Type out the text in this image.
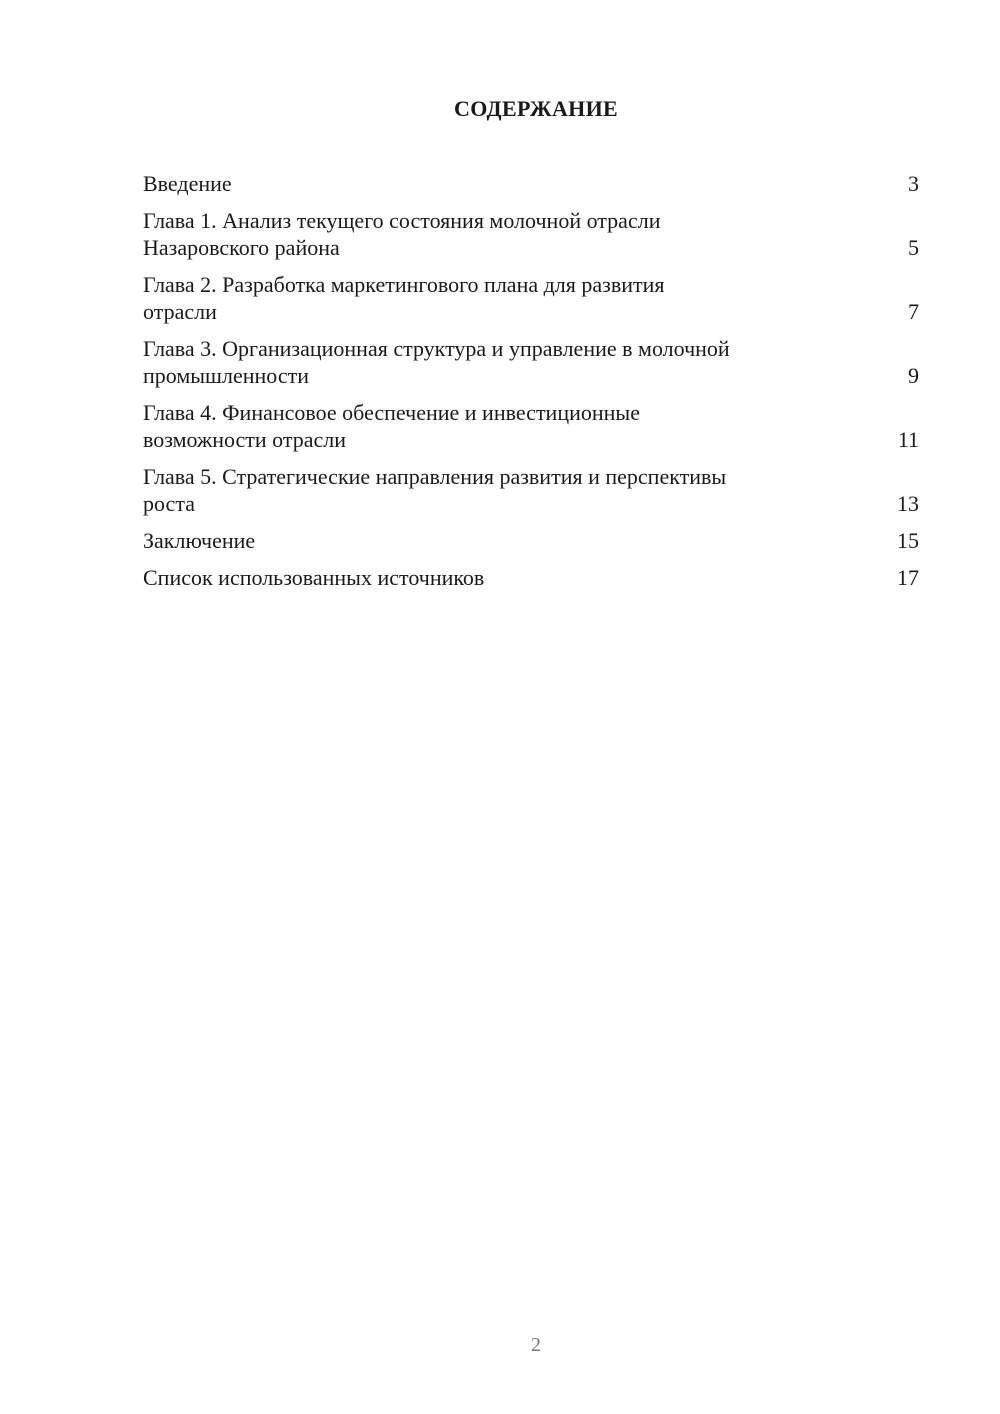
СОДЕРЖАНИЕ
Введение	3
Глава 1. Анализ текущего состояния молочной отрасли
Назаровского района	5
Глава 2. Разработка маркетингового плана для развития
отрасли	7
Глава 3. Организационная структура и управление в молочной
промышленности	9
Глава 4. Финансовое обеспечение и инвестиционные
возможности отрасли	11
Глава 5. Стратегические направления развития и перспективы
роста	13
Заключение	15
Список использованных источников	17
2
